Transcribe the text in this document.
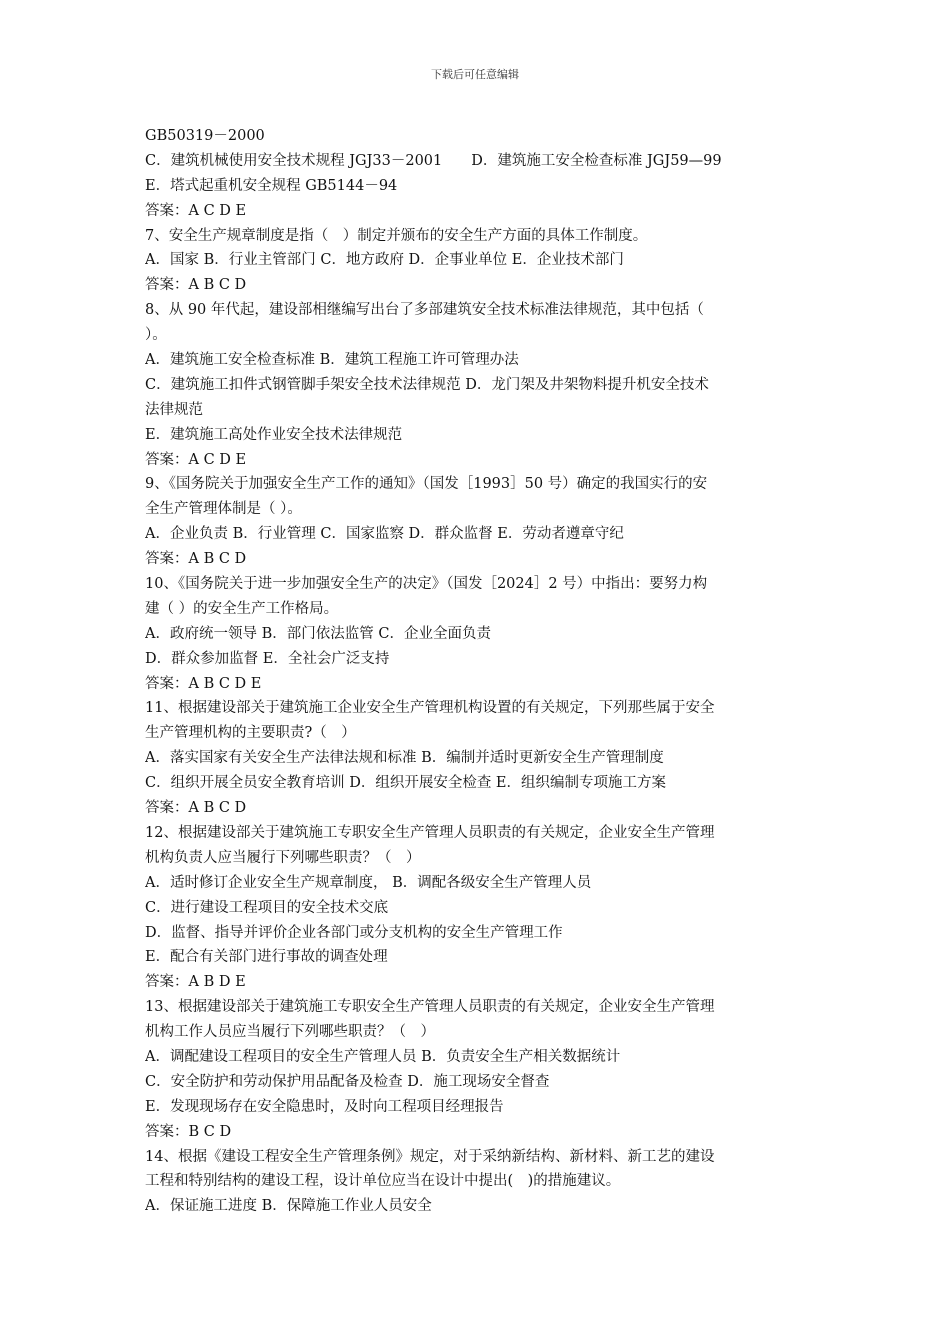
下载后可任意编辑
GB50319－2000
C．建筑机械使用安全技术规程 JGJ33－2001　　D．建筑施工安全检查标准 JGJ59—99
E．塔式起重机安全规程 GB5144－94
答案：A C D E
7、安全生产规章制度是指（　）制定并颁布的安全生产方面的具体工作制度。
A．国家 B．行业主管部门 C．地方政府 D．企事业单位 E．企业技术部门
答案：A B C D
8、从 90 年代起，建设部相继编写出台了多部建筑安全技术标准法律规范，其中包括（
）。
A．建筑施工安全检查标准 B．建筑工程施工许可管理办法
C．建筑施工扣件式钢管脚手架安全技术法律规范 D．龙门架及井架物料提升机安全技术
法律规范
E．建筑施工高处作业安全技术法律规范
答案：A C D E
9、《国务院关于加强安全生产工作的通知》（国发［1993］50 号）确定的我国实行的安
全生产管理体制是（ ）。
A．企业负责 B．行业管理 C．国家监察 D．群众监督 E．劳动者遵章守纪
答案：A B C D
10、《国务院关于进一步加强安全生产的决定》（国发［2024］2 号）中指出：要努力构
建（ ）的安全生产工作格局。
A．政府统一领导 B．部门依法监管 C．企业全面负责
D．群众参加监督 E．全社会广泛支持
答案：A B C D E
11、根据建设部关于建筑施工企业安全生产管理机构设置的有关规定，下列那些属于安全
生产管理机构的主要职责?（　）
A．落实国家有关安全生产法律法规和标准 B．编制并适时更新安全生产管理制度
C．组织开展全员安全教育培训 D．组织开展安全检查 E．组织编制专项施工方案
答案：A B C D
12、根据建设部关于建筑施工专职安全生产管理人员职责的有关规定，企业安全生产管理
机构负责人应当履行下列哪些职责？（　）
A．适时修订企业安全生产规章制度， B．调配各级安全生产管理人员
C．进行建设工程项目的安全技术交底
D．监督、指导并评价企业各部门或分支机构的安全生产管理工作
E．配合有关部门进行事故的调查处理
答案：A B D E
13、根据建设部关于建筑施工专职安全生产管理人员职责的有关规定，企业安全生产管理
机构工作人员应当履行下列哪些职责？（　）
A．调配建设工程项目的安全生产管理人员 B．负责安全生产相关数据统计
C．安全防护和劳动保护用品配备及检查 D．施工现场安全督查
E．发现现场存在安全隐患时，及时向工程项目经理报告
答案：B C D
14、根据《建设工程安全生产管理条例》规定，对于采纳新结构、新材料、新工艺的建设
工程和特别结构的建设工程，设计单位应当在设计中提出(　)的措施建议。
A．保证施工进度 B．保障施工作业人员安全
